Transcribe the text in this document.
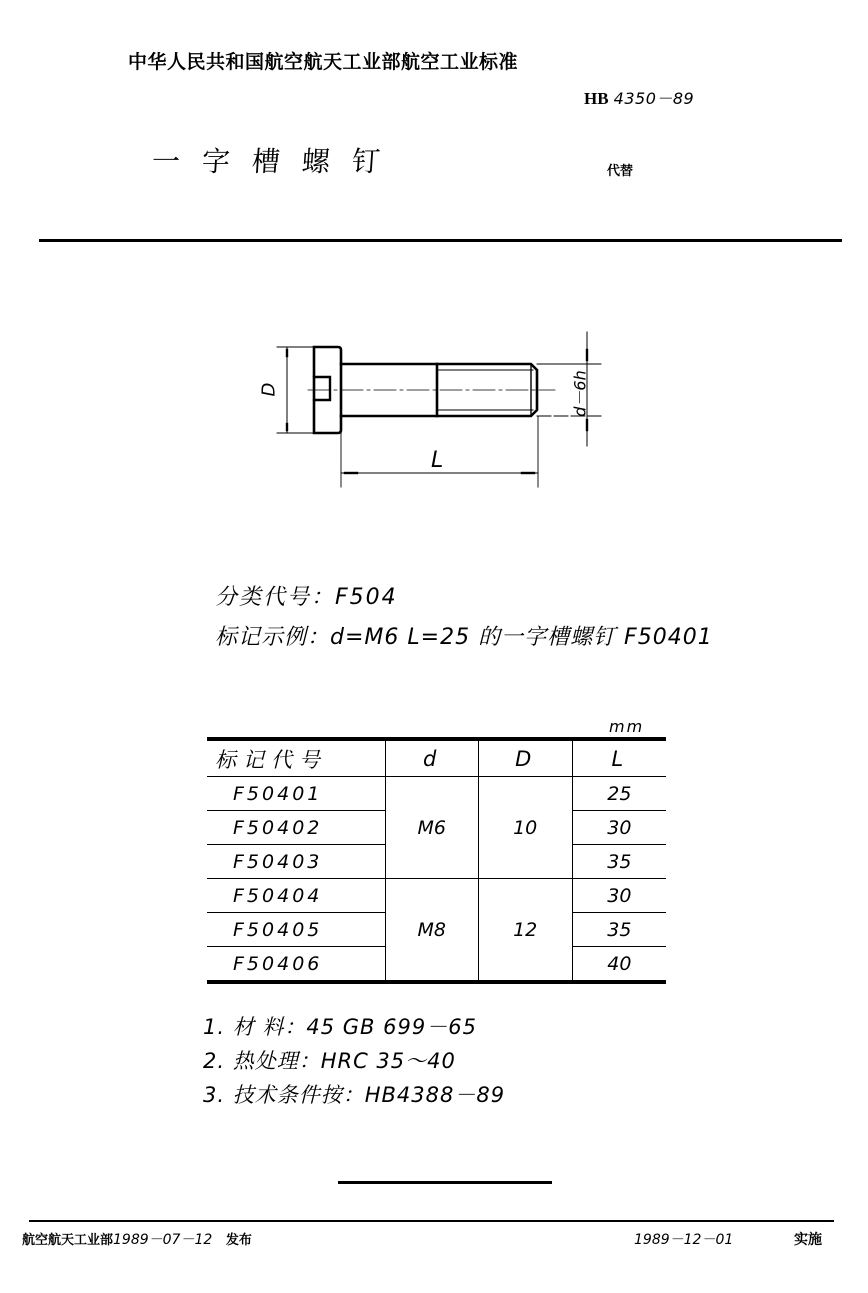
中华人民共和国航空航天工业部航空工业标准
HB 4350－89
一字槽螺钉	代替
D	d－6h
L
分类代号：F504
标记示例：d=M6 L=25 的一字槽螺钉 F50401
mm
标记代号	d	D	L
F50401	M6	10	25
F50402			30
F50403			35
F50404	M8	12	30
F50405			35
F50406			40
1. 材 料：45 GB 699－65
2. 热处理：HRC 35～40
3. 技术条件按：HB4388－89
航空航天工业部1989－07－12 发布	1989－12－01	实施
